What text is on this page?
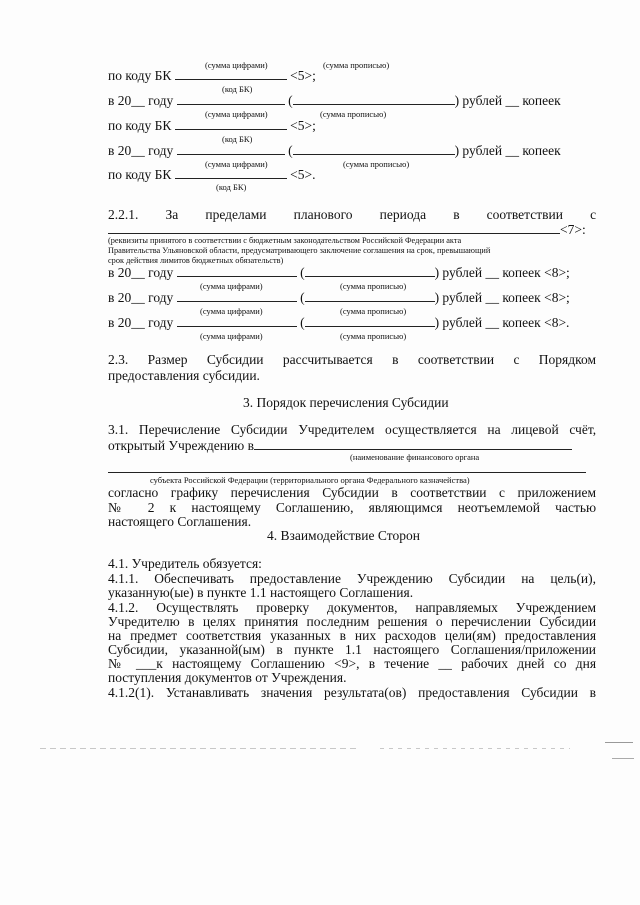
(сумма цифрами)	(сумма прописью)
по коду БК	<5>;
(код БК)
в 20__ году	(	) рублей __ копеек
(сумма цифрами)	(сумма прописью)
по коду БК	<5>;
(код БК)
в 20__ году	(	) рублей __ копеек
(сумма цифрами)	(сумма прописью)
по коду БК	<5>.
(код БК)
2.2.1. За пределами планового периода в соответствии с
<7>:
(реквизиты принятого в соответствии с бюджетным законодательством Российской Федерации акта
Правительства Ульяновской области, предусматривающего заключение соглашения на срок, превышающий
срок действия лимитов бюджетных обязательств)
в 20__ году	(	) рублей __ копеек <8>;
(сумма цифрами)	(сумма прописью)
в 20__ году	(	) рублей __ копеек <8>;
(сумма цифрами)	(сумма прописью)
в 20__ году	(	) рублей __ копеек <8>.
(сумма цифрами)	(сумма прописью)
2.3. Размер Субсидии рассчитывается в соответствии с Порядком
предоставления субсидии.
3. Порядок перечисления Субсидии
3.1. Перечисление Субсидии Учредителем осуществляется на лицевой счёт,
открытый Учреждению в
(наименование финансового органа
субъекта Российской Федерации (территориального органа Федерального казначейства)
согласно графику перечисления Субсидии в соответствии с приложением
№ 2 к настоящему Соглашению, являющимся неотъемлемой частью
настоящего Соглашения.
4. Взаимодействие Сторон
4.1. Учредитель обязуется:
4.1.1. Обеспечивать предоставление Учреждению Субсидии на цель(и),
указанную(ые) в пункте 1.1 настоящего Соглашения.
4.1.2. Осуществлять проверку документов, направляемых Учреждением
Учредителю в целях принятия последним решения о перечислении Субсидии
на предмет соответствия указанных в них расходов цели(ям) предоставления
Субсидии, указанной(ым) в пункте 1.1 настоящего Соглашения/приложении
№ ___к настоящему Соглашению <9>, в течение __ рабочих дней со дня
поступления документов от Учреждения.
4.1.2(1). Устанавливать значения результата(ов) предоставления Субсидии в
